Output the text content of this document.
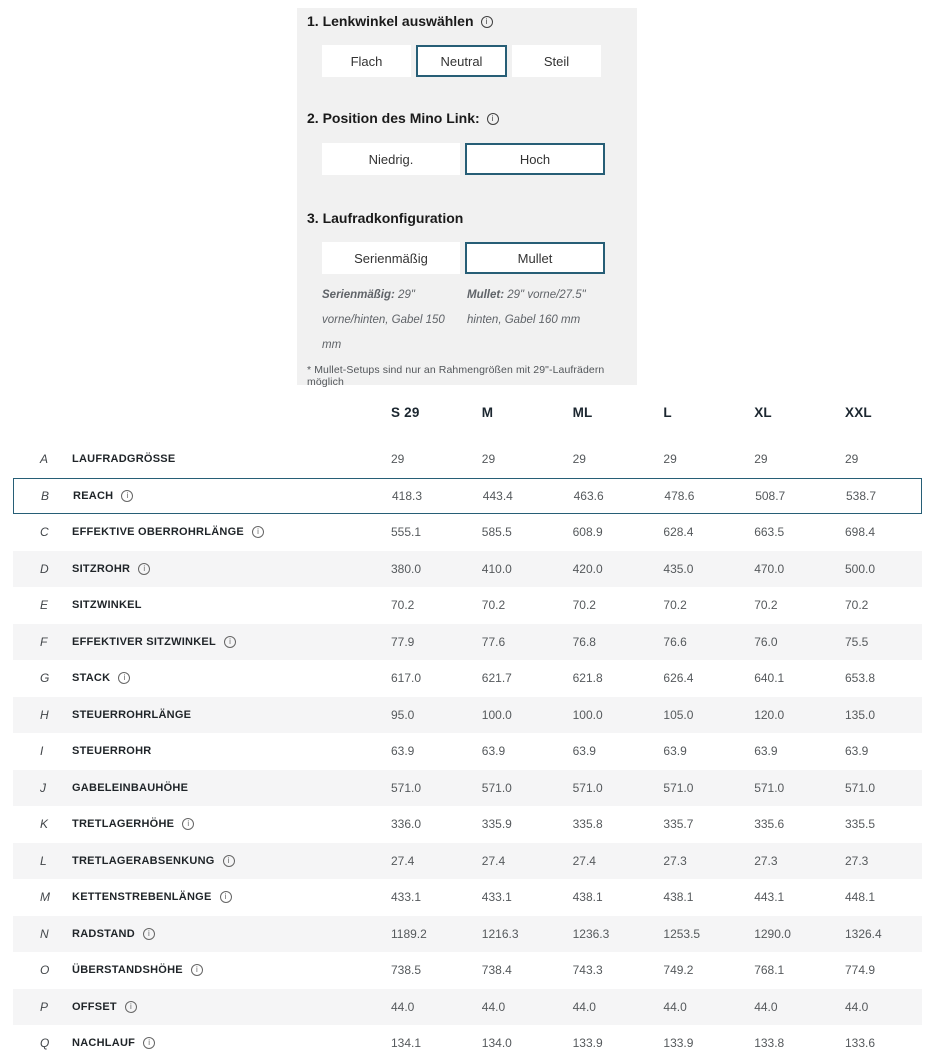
1. Lenkwinkel auswählen	i
Flach	Neutral	Steil
2. Position des Mino Link:	i
Niedrig.	Hoch
3. Laufradkonfiguration
Serienmäßig	Mullet
Serienmäßig: 29" vorne/hinten, Gabel 150 mm
Mullet: 29" vorne/27.5" hinten, Gabel 160 mm
* Mullet-Setups sind nur an Rahmengrößen mit 29"-Laufrädern möglich
S 29	M	ML	L	XL	XXL
A	LAUFRADGRÖSSE	29	29	29	29	29	29
B	REACH	i	418.3	443.4	463.6	478.6	508.7	538.7
C	EFFEKTIVE OBERROHRLÄNGE	i	555.1	585.5	608.9	628.4	663.5	698.4
D	SITZROHR	i	380.0	410.0	420.0	435.0	470.0	500.0
E	SITZWINKEL	70.2	70.2	70.2	70.2	70.2	70.2
F	EFFEKTIVER SITZWINKEL	i	77.9	77.6	76.8	76.6	76.0	75.5
G	STACK	i	617.0	621.7	621.8	626.4	640.1	653.8
H	STEUERROHRLÄNGE	95.0	100.0	100.0	105.0	120.0	135.0
I	STEUERROHR	63.9	63.9	63.9	63.9	63.9	63.9
J	GABELEINBAUHÖHE	571.0	571.0	571.0	571.0	571.0	571.0
K	TRETLAGERHÖHE	i	336.0	335.9	335.8	335.7	335.6	335.5
L	TRETLAGERABSENKUNG	i	27.4	27.4	27.4	27.3	27.3	27.3
M	KETTENSTREBENLÄNGE	i	433.1	433.1	438.1	438.1	443.1	448.1
N	RADSTAND	i	1189.2	1216.3	1236.3	1253.5	1290.0	1326.4
O	ÜBERSTANDSHÖHE	i	738.5	738.4	743.3	749.2	768.1	774.9
P	OFFSET	i	44.0	44.0	44.0	44.0	44.0	44.0
Q	NACHLAUF	i	134.1	134.0	133.9	133.9	133.8	133.6
